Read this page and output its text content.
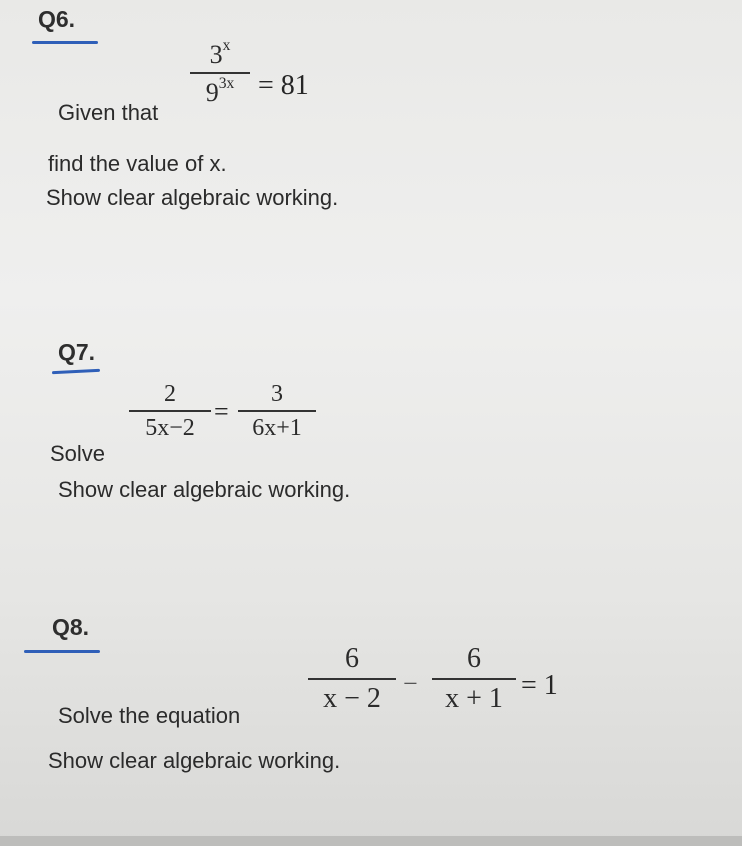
Q6.
Given that
3$^x$
$9^{3x} = 81$
find the value of x.
Show clear algebraic working.
Q7.
Solve
2
5x−2
=
3
6x+1
Show clear algebraic working.
Q8.
Solve the equation
6
x − 2 −
6
x + 1 = 1
Show clear algebraic working.
